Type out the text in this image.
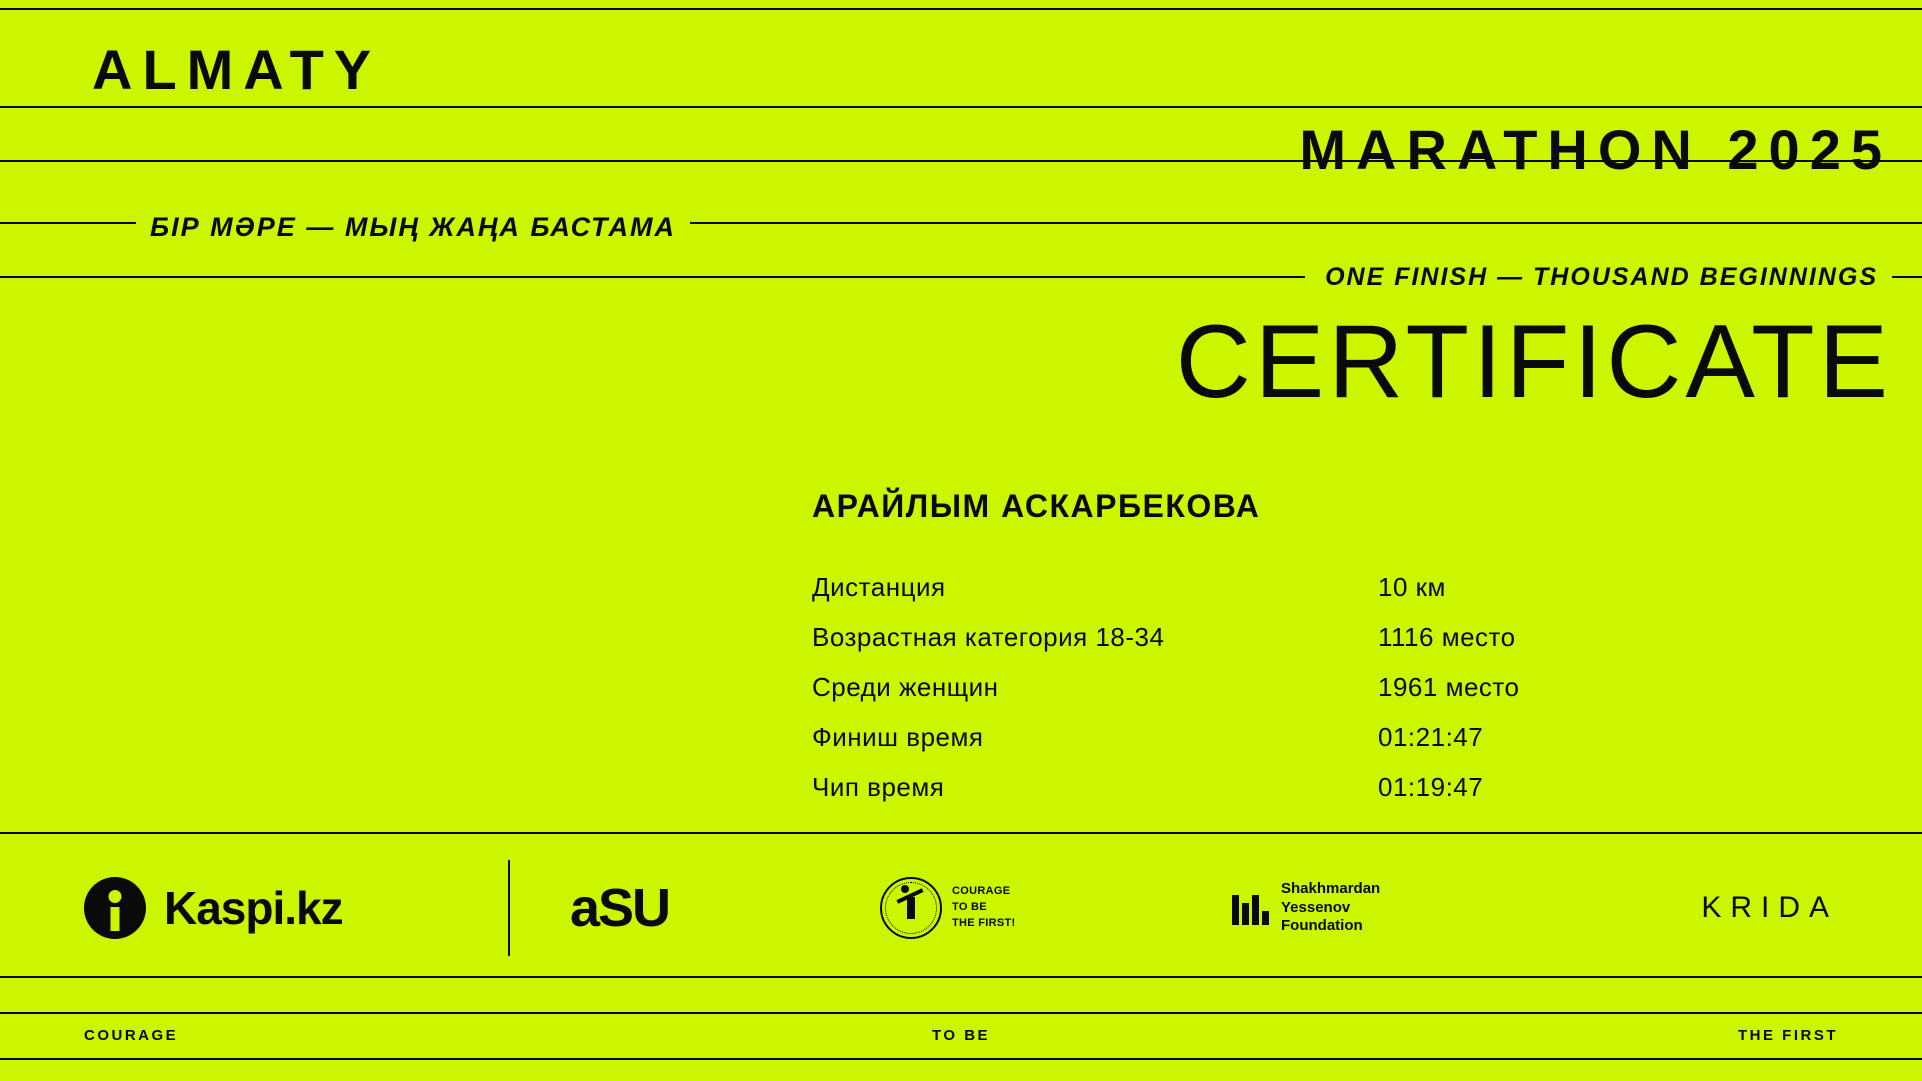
ALMATY
MARATHON 2025
БІР МӘРЕ — МЫҢ ЖАҢА БАСТАМА
ONE FINISH — THOUSAND BEGINNINGS
CERTIFICATE
АРАЙЛЫМ АСКАРБЕКОВА
Дистанция	10 км
Возрастная категория 18-34	1116 место
Среди женщин	1961 место
Финиш время	01:21:47
Чип время	01:19:47
Kaspi.kz	aSU	COURAGE
TO BE
THE FIRST!
Shakhmardan
Yessenov
Foundation
KRIDA
COURAGE	TO BE	THE FIRST
